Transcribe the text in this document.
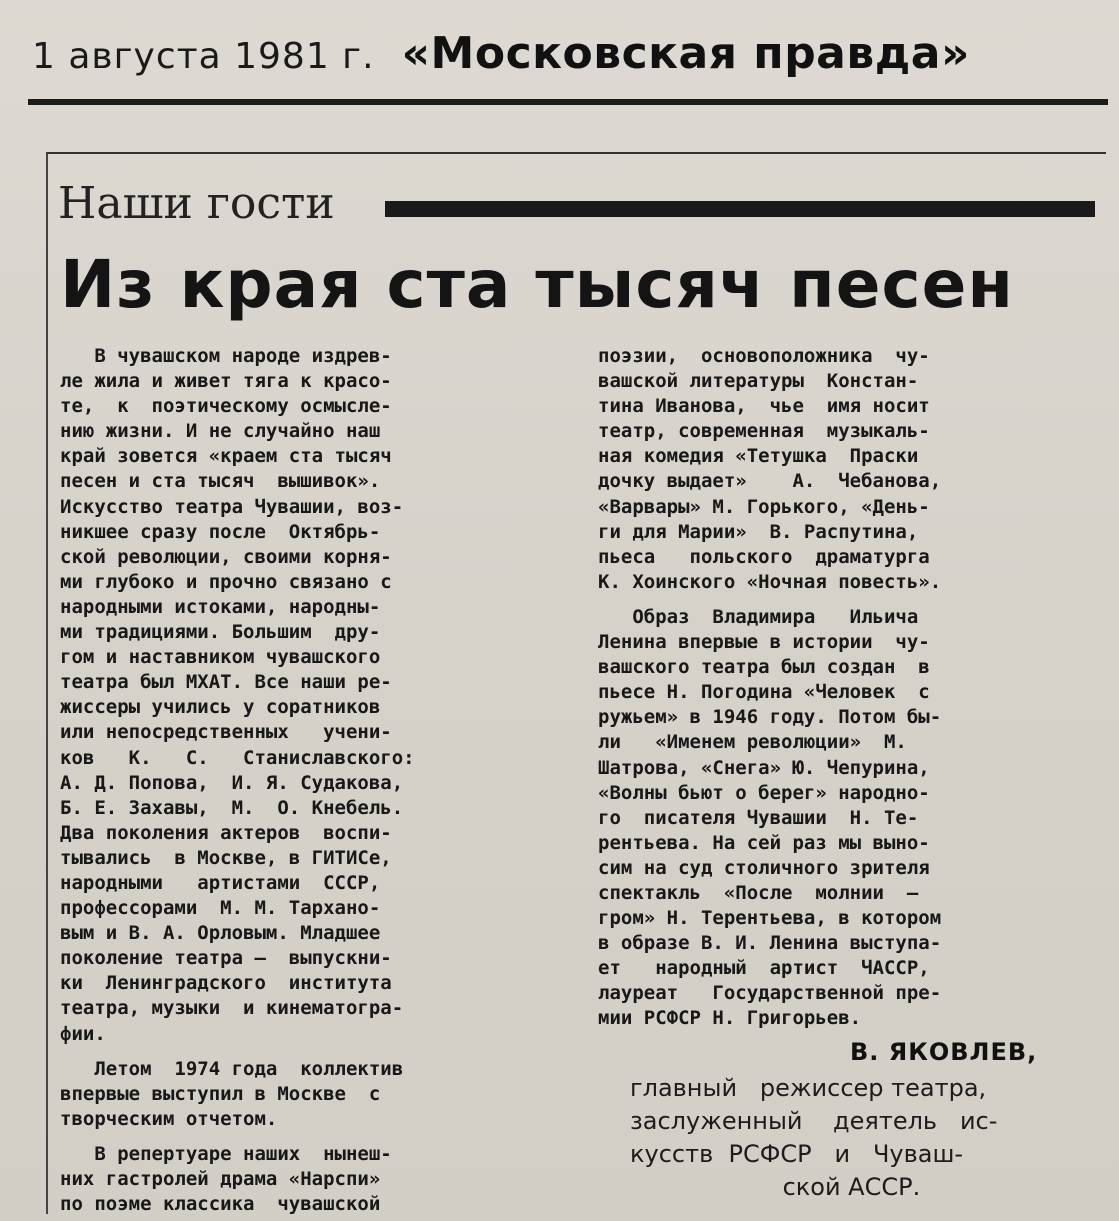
1 августа 1981 г. «Московская правда»
Наши гости
Из края ста тысяч песен
В чувашском народе издрев-
ле жила и живет тяга к красо-
те,  к  поэтическому осмысле-
нию жизни. И не случайно наш
край зовется «краем ста тысяч
песен и ста тысяч  вышивок».
Искусство театра Чувашии, воз-
никшее сразу после  Октябрь-
ской революции, своими корня-
ми глубоко и прочно связано с
народными истоками, народны-
ми традициями. Большим  дру-
гом и наставником чувашского
театра был МХАТ. Все наши ре-
жиссеры учились у соратников
или непосредственных   учени-
ков   К.   С.   Станиславского:
А. Д. Попова,  И. Я. Судакова,
Б. Е. Захавы,  М.  О. Кнебель.
Два поколения актеров  воспи-
тывались  в Москве, в ГИТИСе,
народными   артистами  СССР,
профессорами  М. М. Тарханo-
вым и В. А. Орловым. Младшее
поколение театра —  выпускни-
ки  Ленинградского  института
театра, музыки  и кинематогра-
фии.
Летом  1974 года  коллектив
впервые выступил в Москве  с
творческим отчетом.
В репертуаре наших  нынеш-
них гастролей драма «Нарспи»
по поэме классика  чувашской
поэзии,  основоположника  чу-
вашской литературы  Констан-
тина Иванова,  чье  имя носит
театр, современная  музыкаль-
ная комедия «Тетушка  Праски
дочку выдает»    А.  Чебанова,
«Варвары» М. Горького, «День-
ги для Марии»  В. Распутина,
пьеса   польского  драматурга
К. Хоинского «Ночная повесть».
Образ  Владимира   Ильича
Ленина впервые в истории  чу-
вашского театра был создан  в
пьесе Н. Погодина «Человек  с
ружьем» в 1946 году. Потом бы-
ли   «Именем революции»  М.
Шатрова, «Снега» Ю. Чепурина,
«Волны бьют о берег» народно-
го  писателя Чувашии  Н. Те-
рентьева. На сей раз мы выно-
сим на суд столичного зрителя
спектакль  «После  молнии  —
гром» Н. Терентьева, в котором
в образе В. И. Ленина выступа-
ет   народный  артист  ЧАССР,
лауреат   Государственной пре-
мии РСФСР Н. Григорьев.
В. ЯКОВЛЕВ,
главный   режиссер театра,
заслуженный    деятель   ис-
кусств  РСФСР   и   Чуваш-
ской АССР.
